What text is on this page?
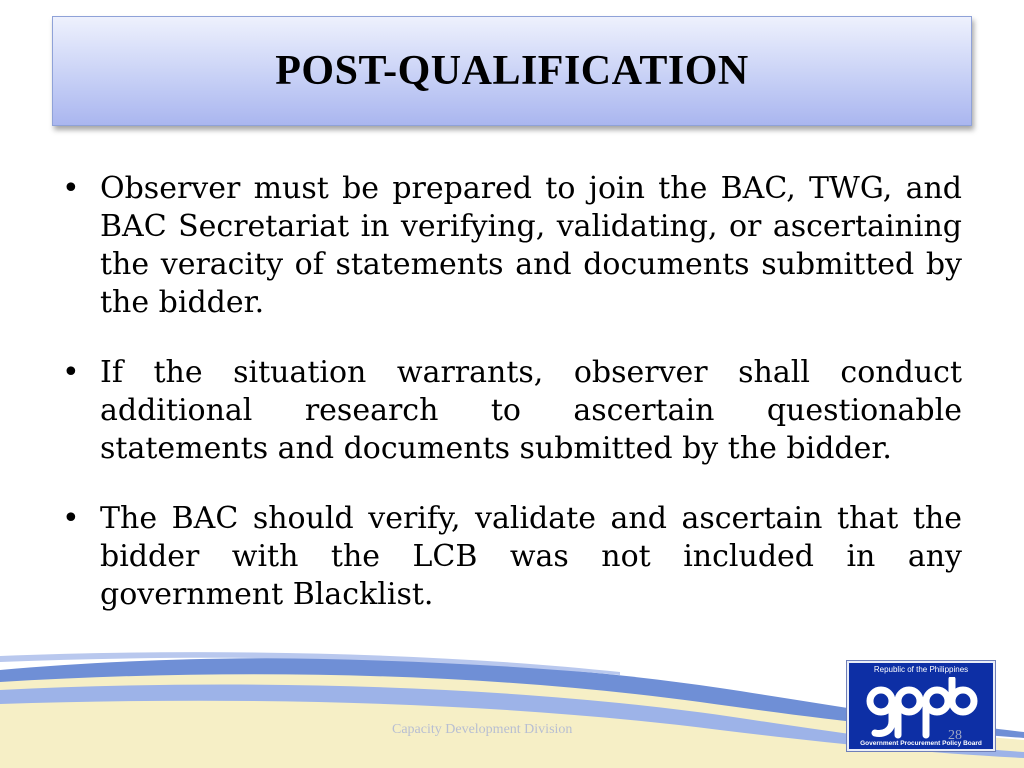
POST-QUALIFICATION
• Observer must be prepared to join the BAC, TWG, and BAC Secretariat in verifying, validating, or ascertaining the veracity of statements and documents submitted by the bidder.
• If the situation warrants, observer shall conduct additional research to ascertain questionable statements and documents submitted by the bidder.
• The BAC should verify, validate and ascertain that the bidder with the LCB was not included in any government Blacklist.
Capacity Development Division	28
Republic of the Philippines
Government Procurement Policy Board
